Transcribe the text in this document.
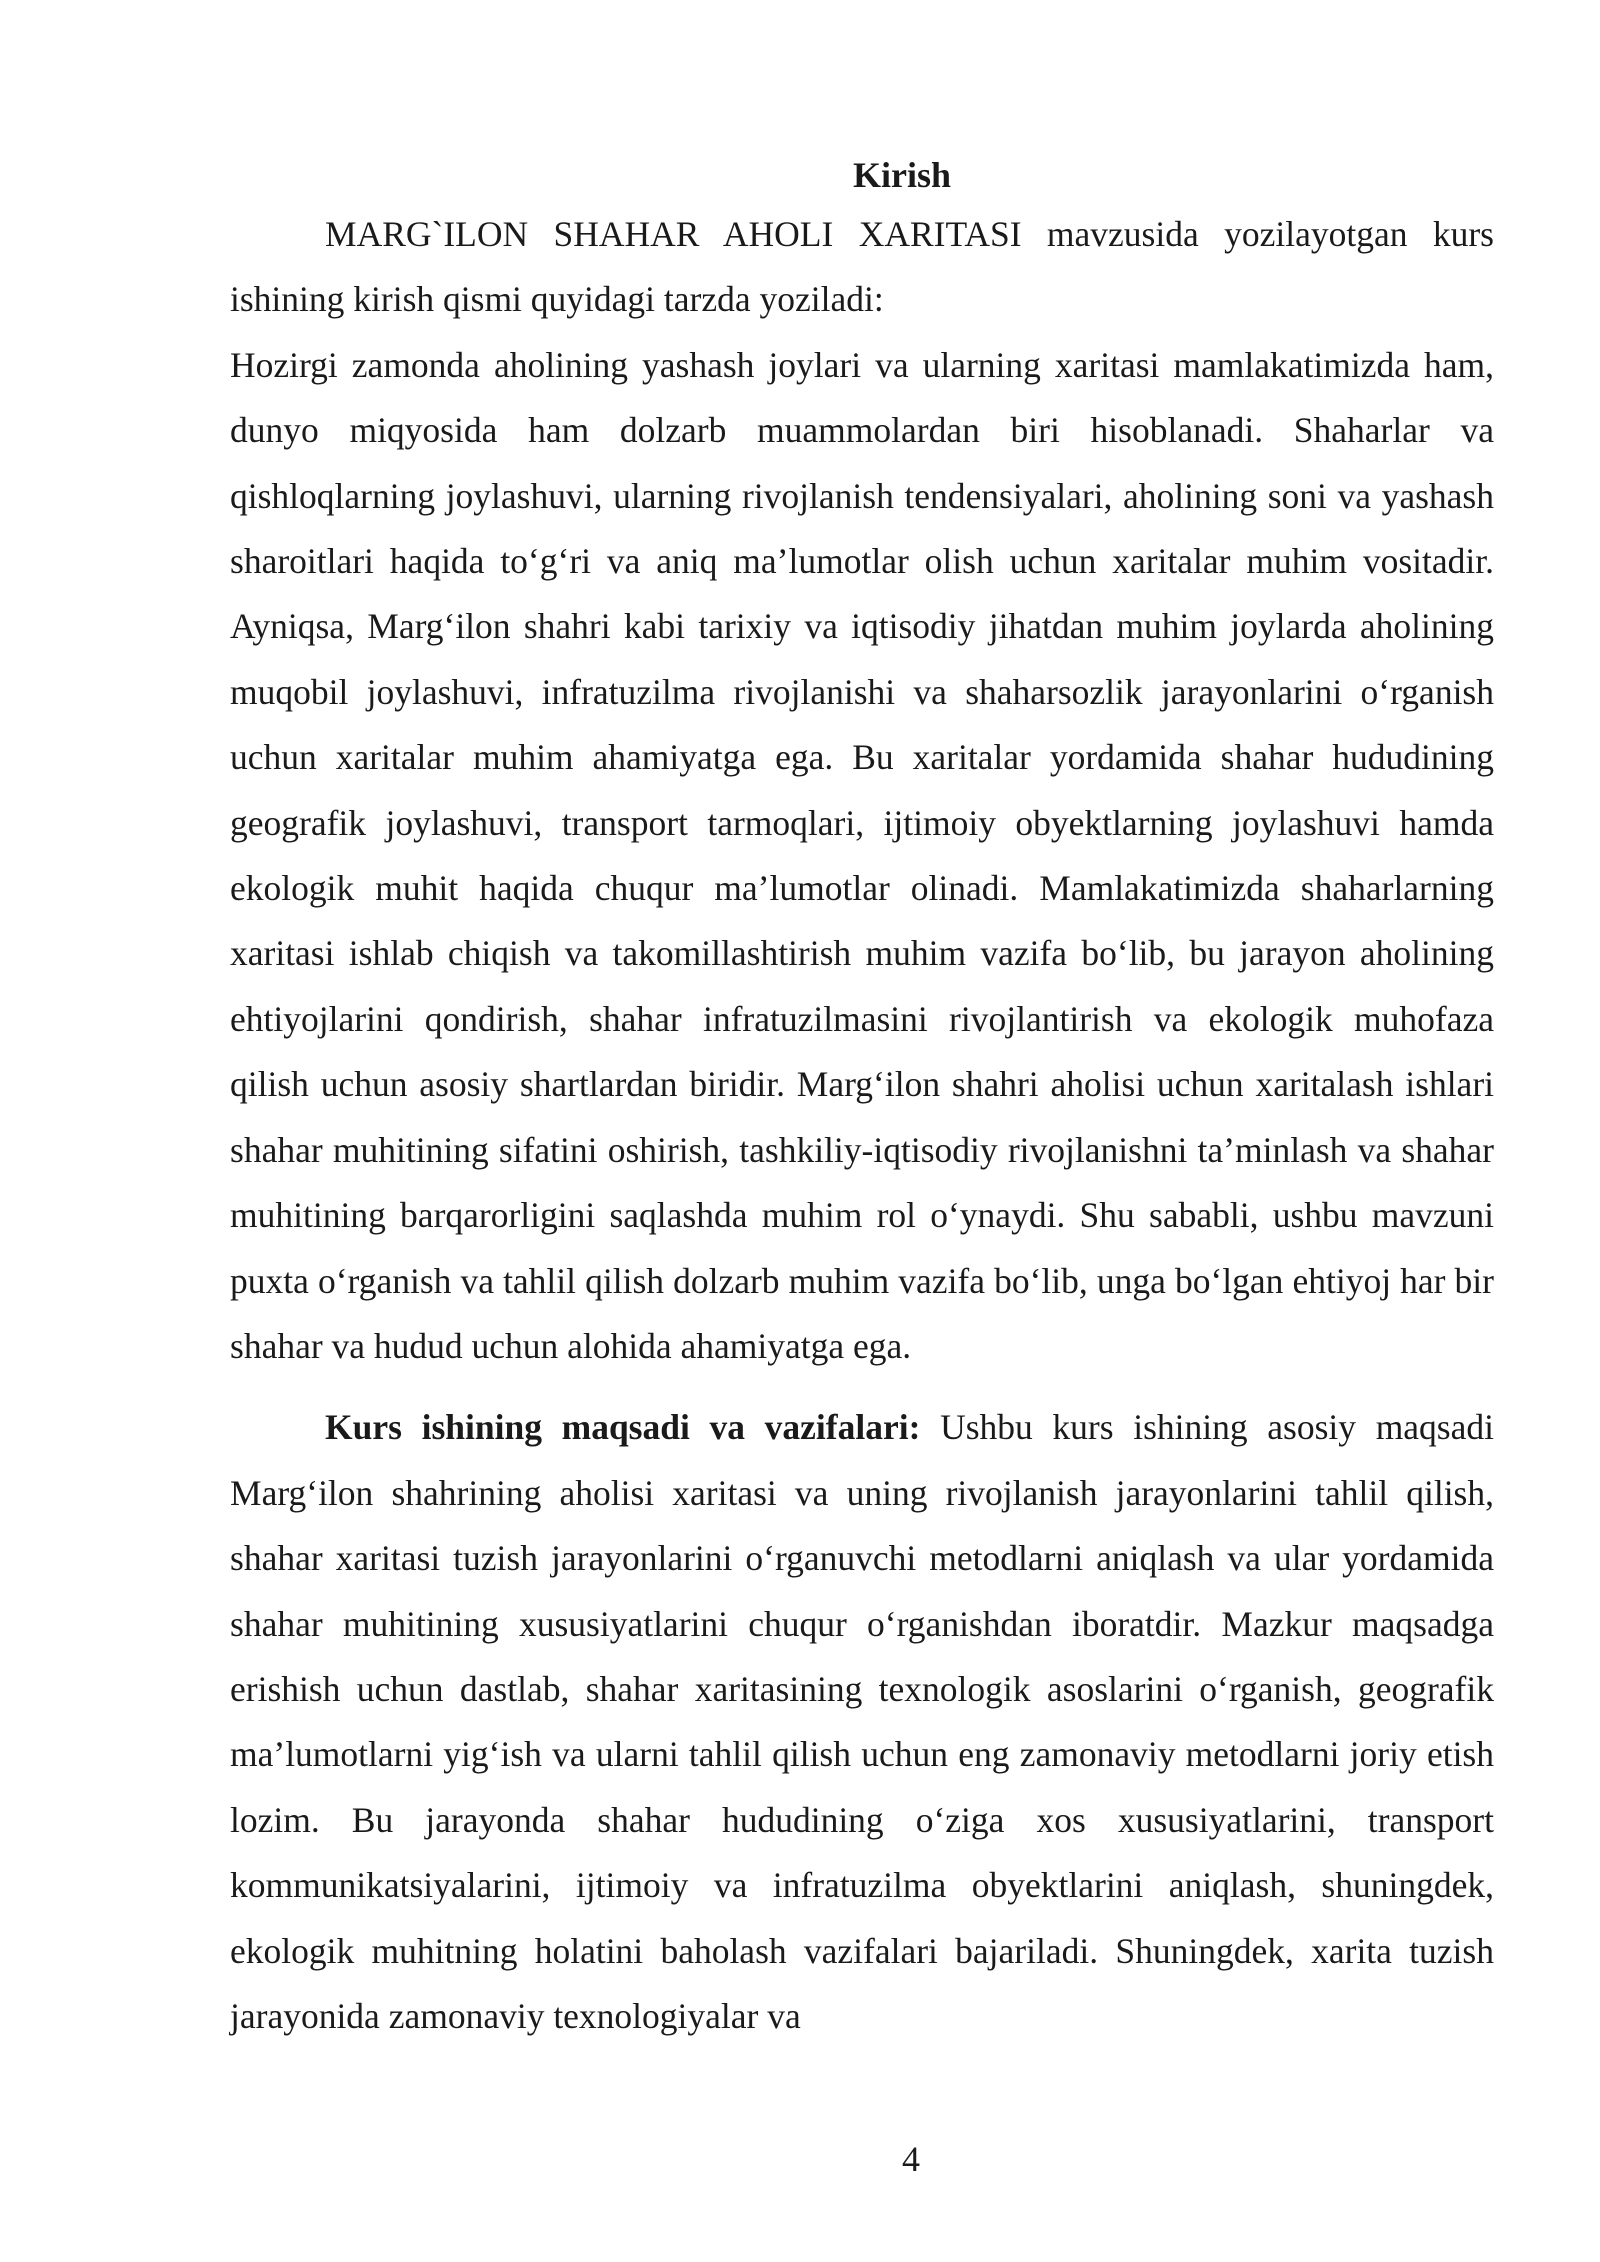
Kirish

MARG`ILON SHAHAR AHOLI XARITASI mavzusida yozilayotgan kurs ishining kirish qismi quyidagi tarzda yoziladi:
Hozirgi zamonda aholining yashash joylari va ularning xaritasi mamlakatimizda ham, dunyo miqyosida ham dolzarb muammolardan biri hisoblanadi. Shaharlar va qishloqlarning joylashuvi, ularning rivojlanish tendensiyalari, aholining soni va yashash sharoitlari haqida to‘g‘ri va aniq ma’lumotlar olish uchun xaritalar muhim vositadir. Ayniqsa, Marg‘ilon shahri kabi tarixiy va iqtisodiy jihatdan muhim joylarda aholining muqobil joylashuvi, infratuzilma rivojlanishi va shaharsozlik jarayonlarini o‘rganish uchun xaritalar muhim ahamiyatga ega. Bu xaritalar yordamida shahar hududining geografik joylashuvi, transport tarmoqlari, ijtimoiy obyektlarning joylashuvi hamda ekologik muhit haqida chuqur ma’lumotlar olinadi. Mamlakatimizda shaharlarning xaritasi ishlab chiqish va takomillashtirish muhim vazifa bo‘lib, bu jarayon aholining ehtiyojlarini qondirish, shahar infratuzilmasini rivojlantirish va ekologik muhofaza qilish uchun asosiy shartlardan biridir. Marg‘ilon shahri aholisi uchun xaritalash ishlari shahar muhitining sifatini oshirish, tashkiliy-iqtisodiy rivojlanishni ta’minlash va shahar muhitining barqarorligini saqlashda muhim rol o‘ynaydi. Shu sababli, ushbu mavzuni puxta o‘rganish va tahlil qilish dolzarb muhim vazifa bo‘lib, unga bo‘lgan ehtiyoj har bir shahar va hudud uchun alohida ahamiyatga ega.

Kurs ishining maqsadi va vazifalari: Ushbu kurs ishining asosiy maqsadi Marg‘ilon shahrining aholisi xaritasi va uning rivojlanish jarayonlarini tahlil qilish, shahar xaritasi tuzish jarayonlarini o‘rganuvchi metodlarni aniqlash va ular yordamida shahar muhitining xususiyatlarini chuqur o‘rganishdan iboratdir. Mazkur maqsadga erishish uchun dastlab, shahar xaritasining texnologik asoslarini o‘rganish, geografik ma’lumotlarni yig‘ish va ularni tahlil qilish uchun eng zamonaviy metodlarni joriy etish lozim. Bu jarayonda shahar hududining o‘ziga xos xususiyatlarini, transport kommunikatsiyalarini, ijtimoiy va infratuzilma obyektlarini aniqlash, shuningdek, ekologik muhitning holatini baholash vazifalari bajariladi. Shuningdek, xarita tuzish jarayonida zamonaviy texnologiyalar va

4
